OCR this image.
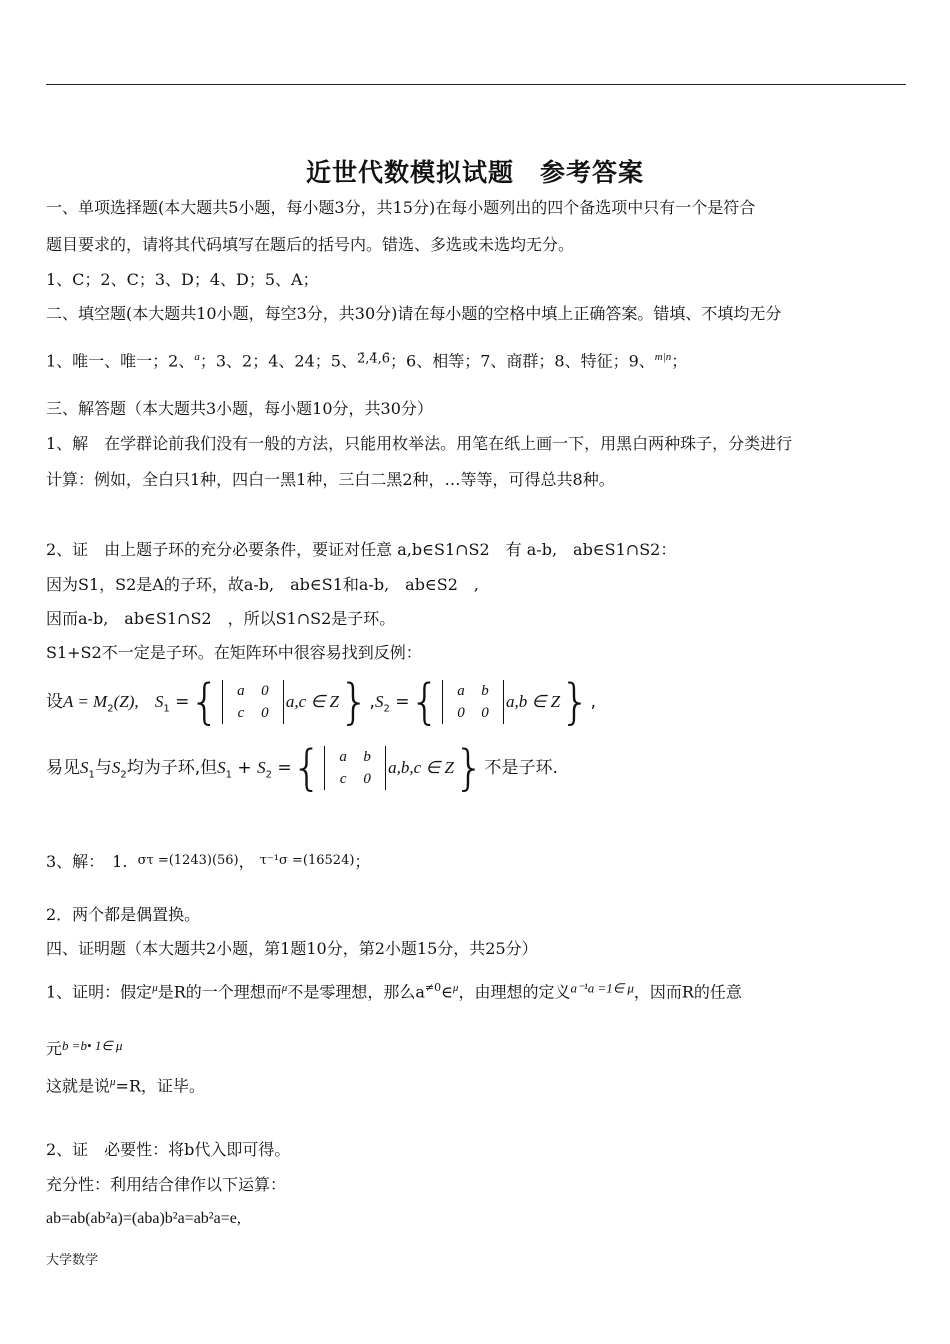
近世代数模拟试题　参考答案
一、单项选择题(本大题共5小题，每小题3分，共15分)在每小题列出的四个备选项中只有一个是符合
题目要求的，请将其代码填写在题后的括号内。错选、多选或未选均无分。
1、C；2、C；3、D；4、D；5、A；
二、填空题(本大题共10小题，每空3分，共30分)请在每小题的空格中填上正确答案。错填、不填均无分
1、唯一、唯一；2、$^a$；3、2；4、24；5、$^{2̄,4̄,6̄}$；6、相等；7、商群；8、特征；9、$^{m|n}$；
三、解答题（本大题共3小题，每小题10分，共30分）
1、解　在学群论前我们没有一般的方法，只能用枚举法。用笔在纸上画一下，用黑白两种珠子，分类进行
计算：例如，全白只1种，四白一黑1种，三白二黑2种，…等等，可得总共8种。
2、证　由上题子环的充分必要条件，要证对任意 a,b∈S1∩S2　有 a-b,　ab∈S1∩S2：
因为S1，S2是A的子环，故a-b,　ab∈S1和a-b,　ab∈S2　,
因而a-b,　ab∈S1∩S2　，所以S1∩S2是子环。
S1+S2不一定是子环。在矩阵环中很容易找到反例：
设$A = M_2(Z)$, $S_1$ ={ a 0
c 0a,c ∈ $Z\},S_2$ ={ a b
0 0a,b ∈ Z},
易见$S_1$与$S_2$均为子环,但$S_1 + S_2$ ={ a b
c 0a,b,c ∈ Z}不是子环.
3、解：　1. στ =(1243)(56)， τ⁻¹σ =(16524)；
2．两个都是偶置换。
四、证明题（本大题共2小题，第1题10分，第2小题15分，共25分）
1、证明：假定$^\mu$是R的一个理想而$^\mu$不是零理想，那么$a^{\ne 0}\in^\mu$，由理想的定义$^{a^{-1}a =1\in \mu}$，因而R的任意
元$^{b =b• 1\in \mu}$
这就是说$^\mu$=R，证毕。
2、证　必要性：将b代入即可得。
充分性：利用结合律作以下运算：
ab=ab(ab²a)=(aba)b²a=ab²a=e,
大学数学
